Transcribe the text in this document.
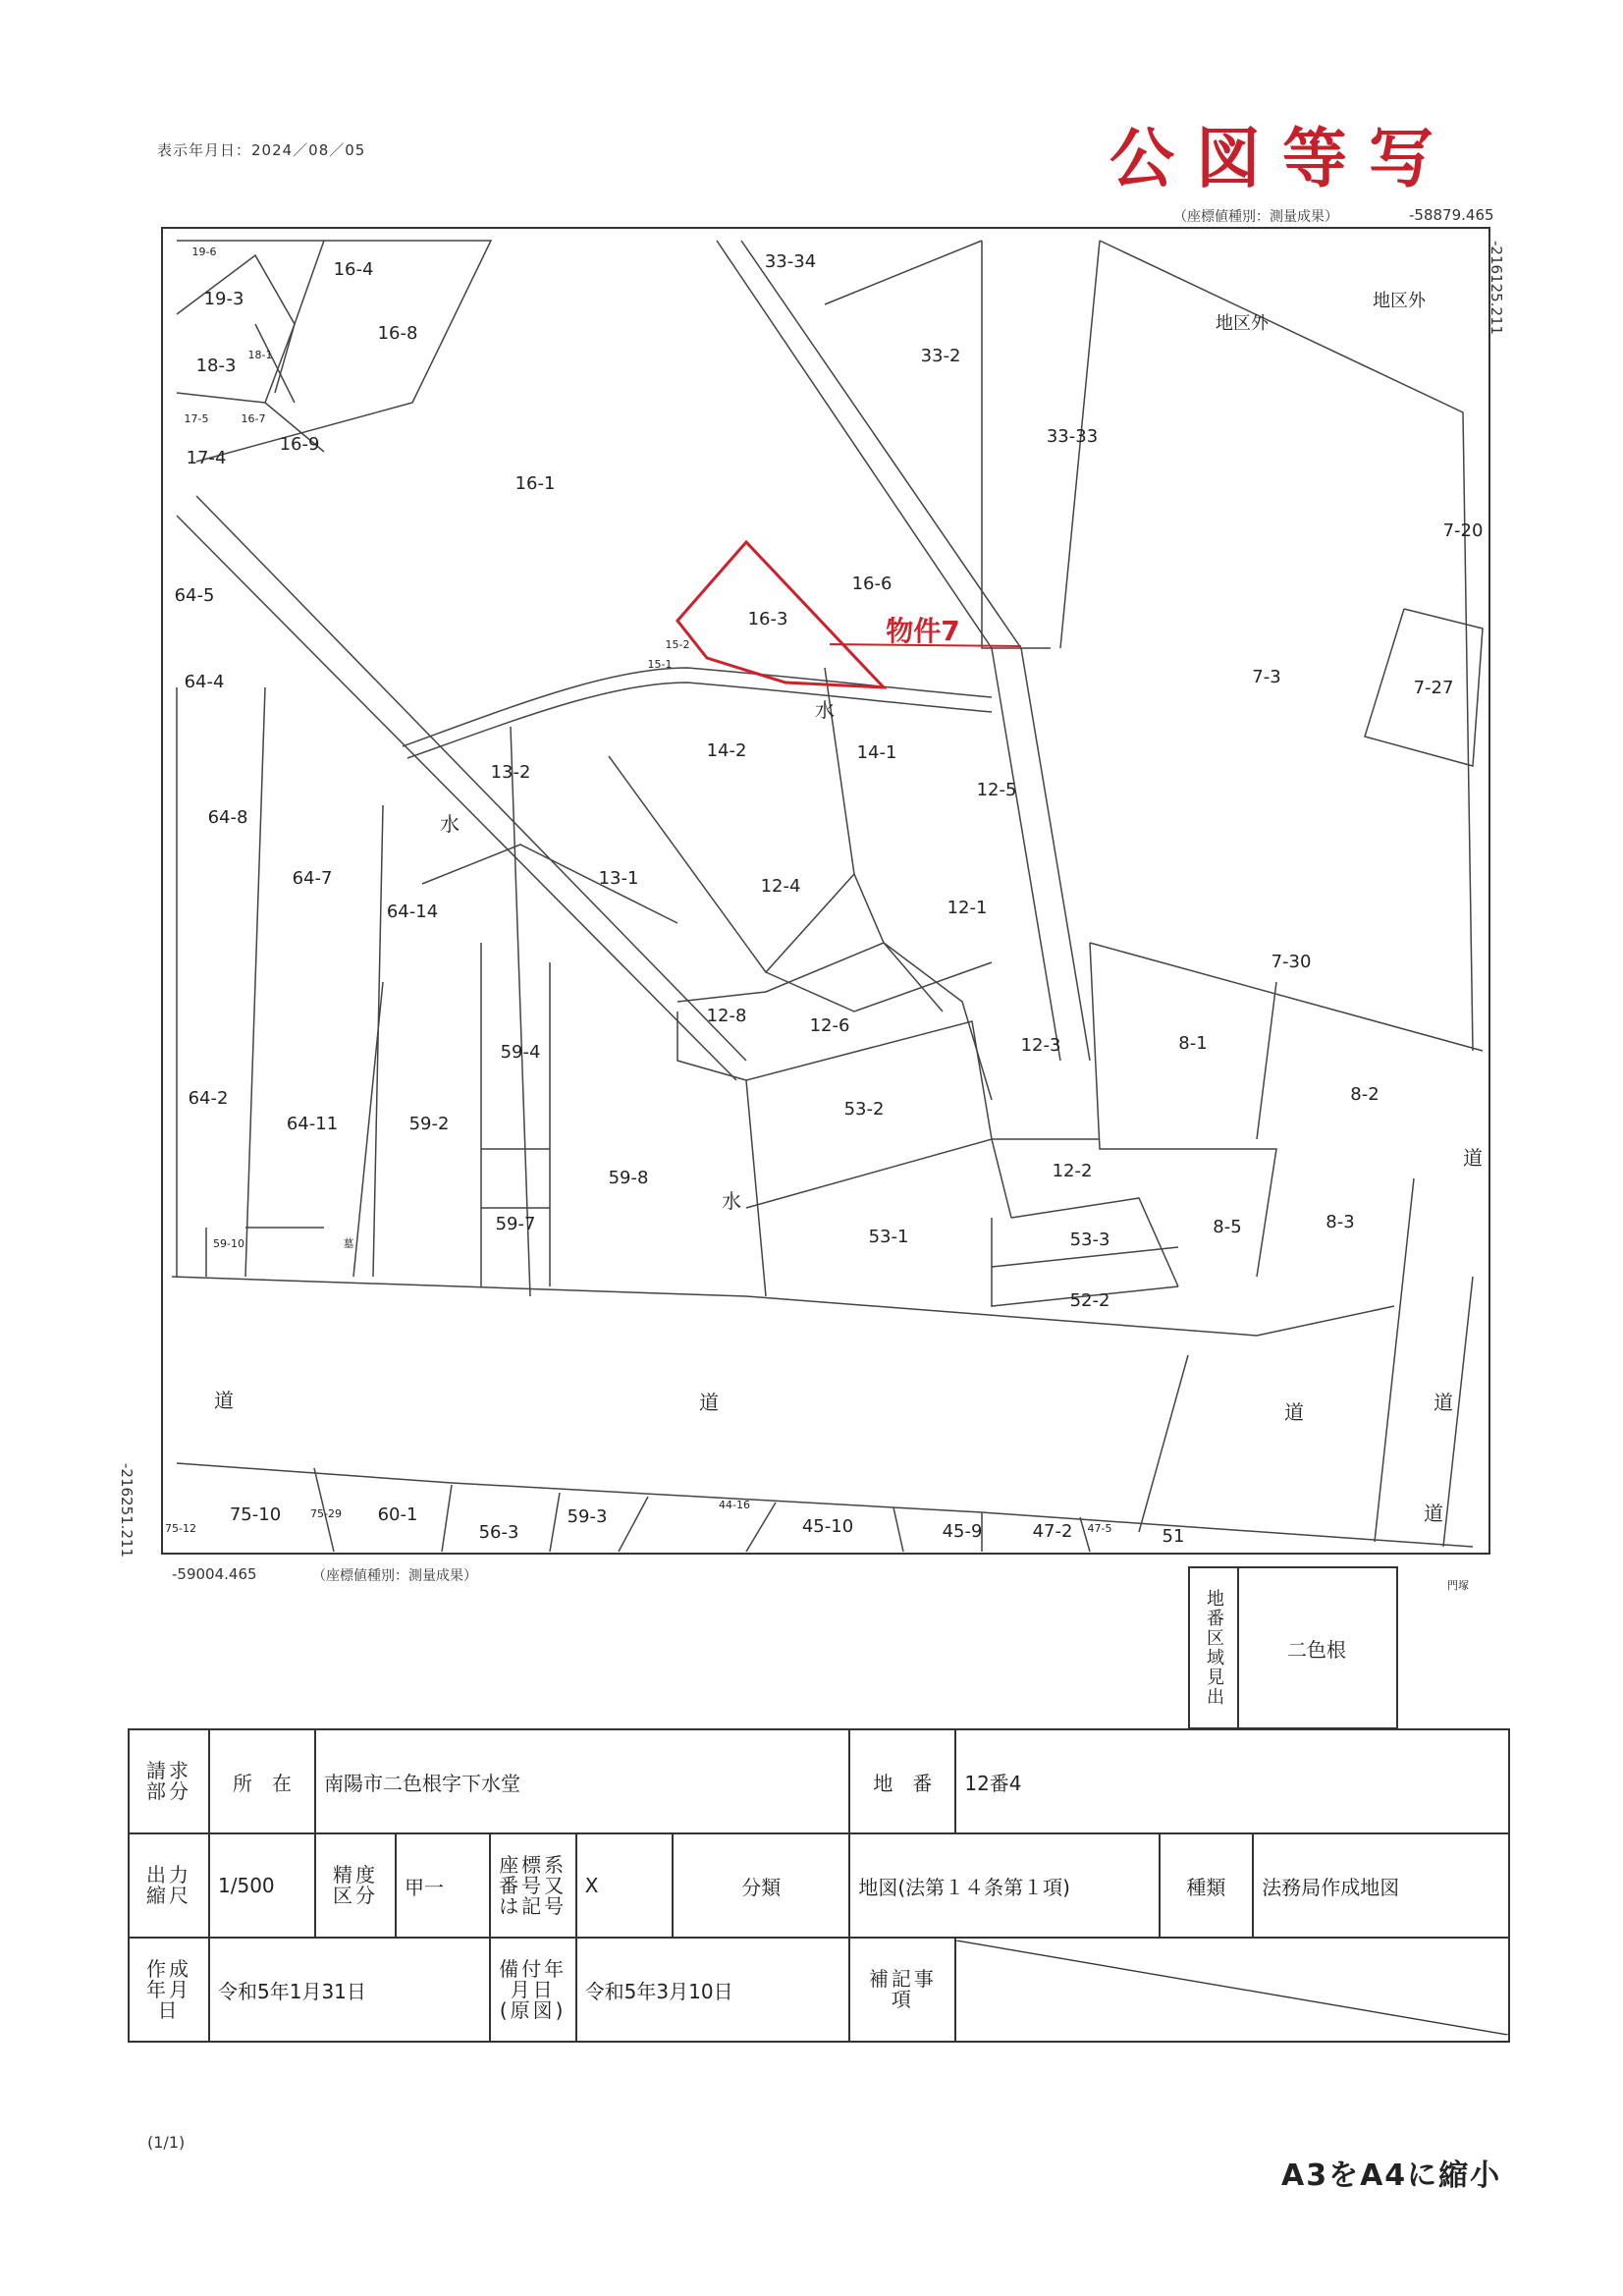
表示年月日：2024／08／05	公図等写
（座標値種別：測量成果）	-58879.465
-216125.211
19-6
16-4
16-8
18-3
19-3
18-1
16-9
17-4
17-5	16-7
16-1
33-34
33-2
33-33
16-6
16-3
15-2
15-1
7-20
7-3
7-27
7-30
14-2	14-1
12-5
13-2
13-1	12-4
12-1
12-8	12-6
12-3	8-1
8-2
8-5	8-3
12-2
53-2
53-1	53-3
52-2
59-4
59-2
59-7
59-8
59-10
64-5
64-4
64-8
64-7
64-14
64-2
64-11
75-10
75-12
75-29 60-1
56-3
59-3
44-16
45-10	45-9	47-2 47-5	51
地区外
地区外
水
水
水
道	道	道	道
道
道
墓
門塚
物件7
-216251.211
-59004.465	（座標値種別：測量成果）
地番区域見出	二色根
請求部分	所　在	南陽市二色根字下水堂					地　番	12番4		
出力縮尺	1/500	精度区分	甲一	座標系番号又は記号	X	分類	地図(法第１４条第１項)		種類	法務局作成地図
作成年月日	令和5年1月31日			備付年月日(原図)	令和5年3月10日		補記事項	
(1/1)
A3をA4に縮小
